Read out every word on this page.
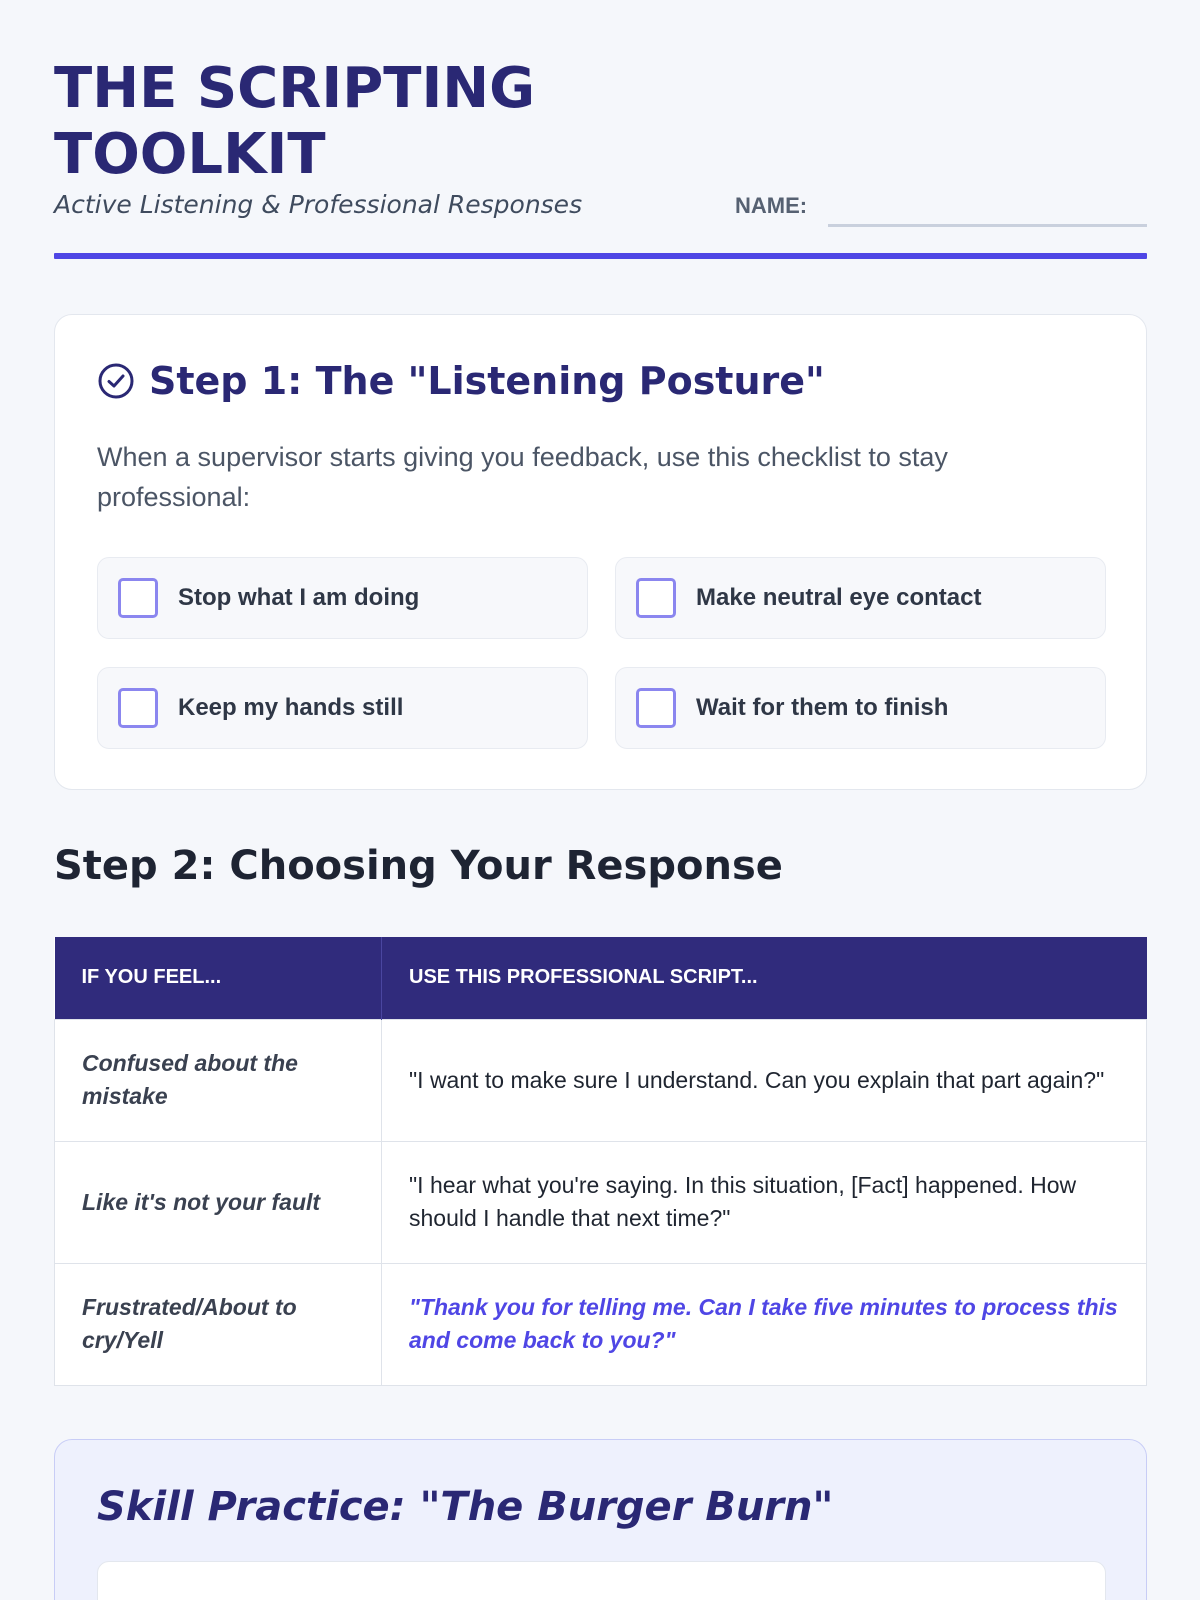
THE SCRIPTING TOOLKIT
Active Listening & Professional Responses	NAME:
Step 1: The "Listening Posture"

When a supervisor starts giving you feedback, use this checklist to stay professional:

Stop what I am doing	Make neutral eye contact
Keep my hands still	Wait for them to finish
Step 2: Choosing Your Response
IF YOU FEEL...	USE THIS PROFESSIONAL SCRIPT...
Confused about the mistake	"I want to make sure I understand. Can you explain that part again?"
Like it's not your fault	"I hear what you're saying. In this situation, [Fact] happened. How should I handle that next time?"
Frustrated/About to cry/Yell	"Thank you for telling me. Can I take five minutes to process this and come back to you?"
Skill Practice: "The Burger Burn"
